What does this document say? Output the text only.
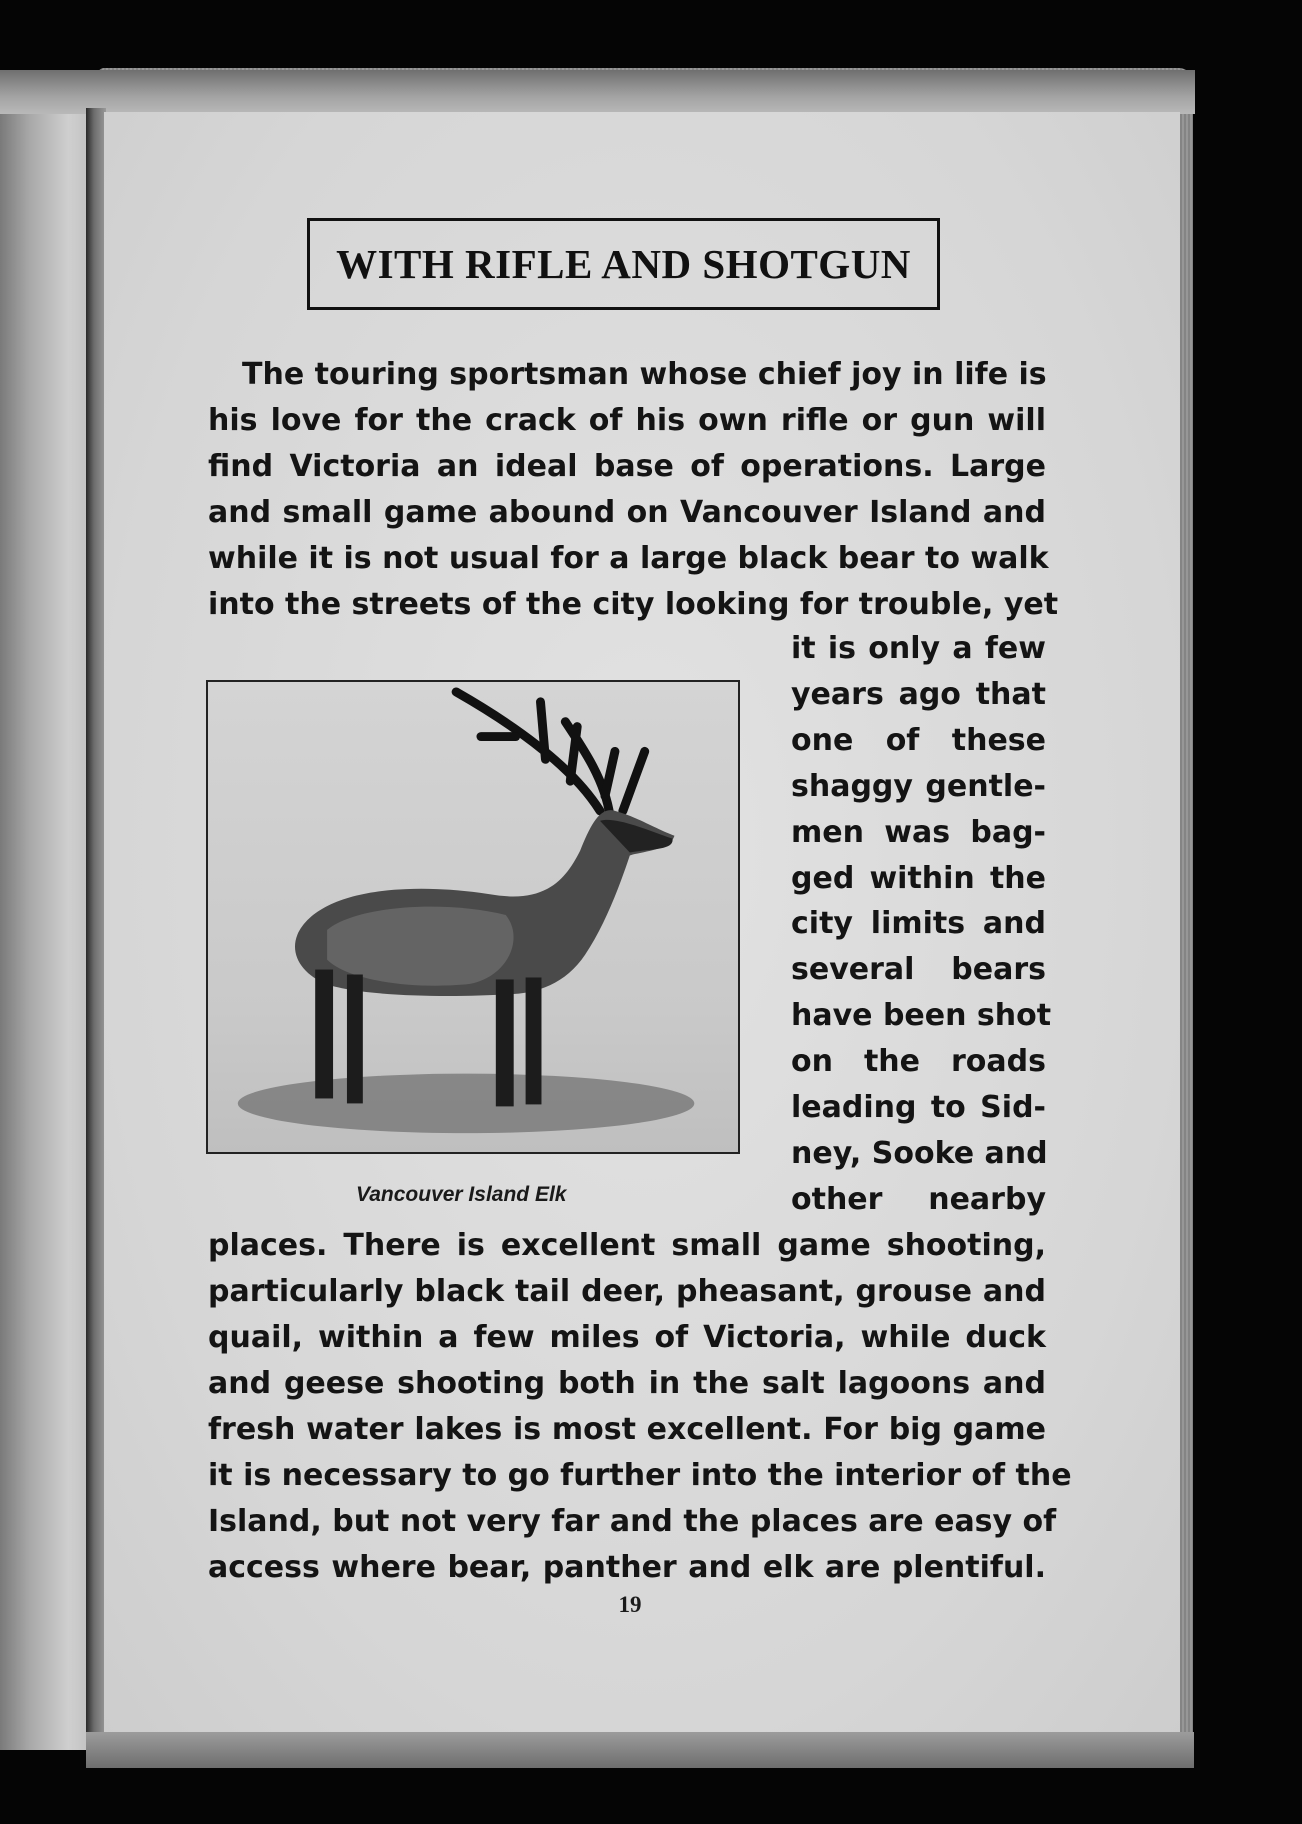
WITH RIFLE AND SHOTGUN
The touring sportsman whose chief joy in life is
his love for the crack of his own rifle or gun will
find Victoria an ideal base of operations. Large
and small game abound on Vancouver Island and
while it is not usual for a large black bear to walk
into the streets of the city looking for trouble, yet
it is only a few
years ago that
one of these
shaggy gentle-
men was bag-
ged within the
city limits and
several bears
have been shot
on the roads
leading to Sid-
ney, Sooke and
other nearby
Vancouver Island Elk
places. There is excellent small game shooting,
particularly black tail deer, pheasant, grouse and
quail, within a few miles of Victoria, while duck
and geese shooting both in the salt lagoons and
fresh water lakes is most excellent. For big game
it is necessary to go further into the interior of the
Island, but not very far and the places are easy of
access where bear, panther and elk are plentiful.
19
